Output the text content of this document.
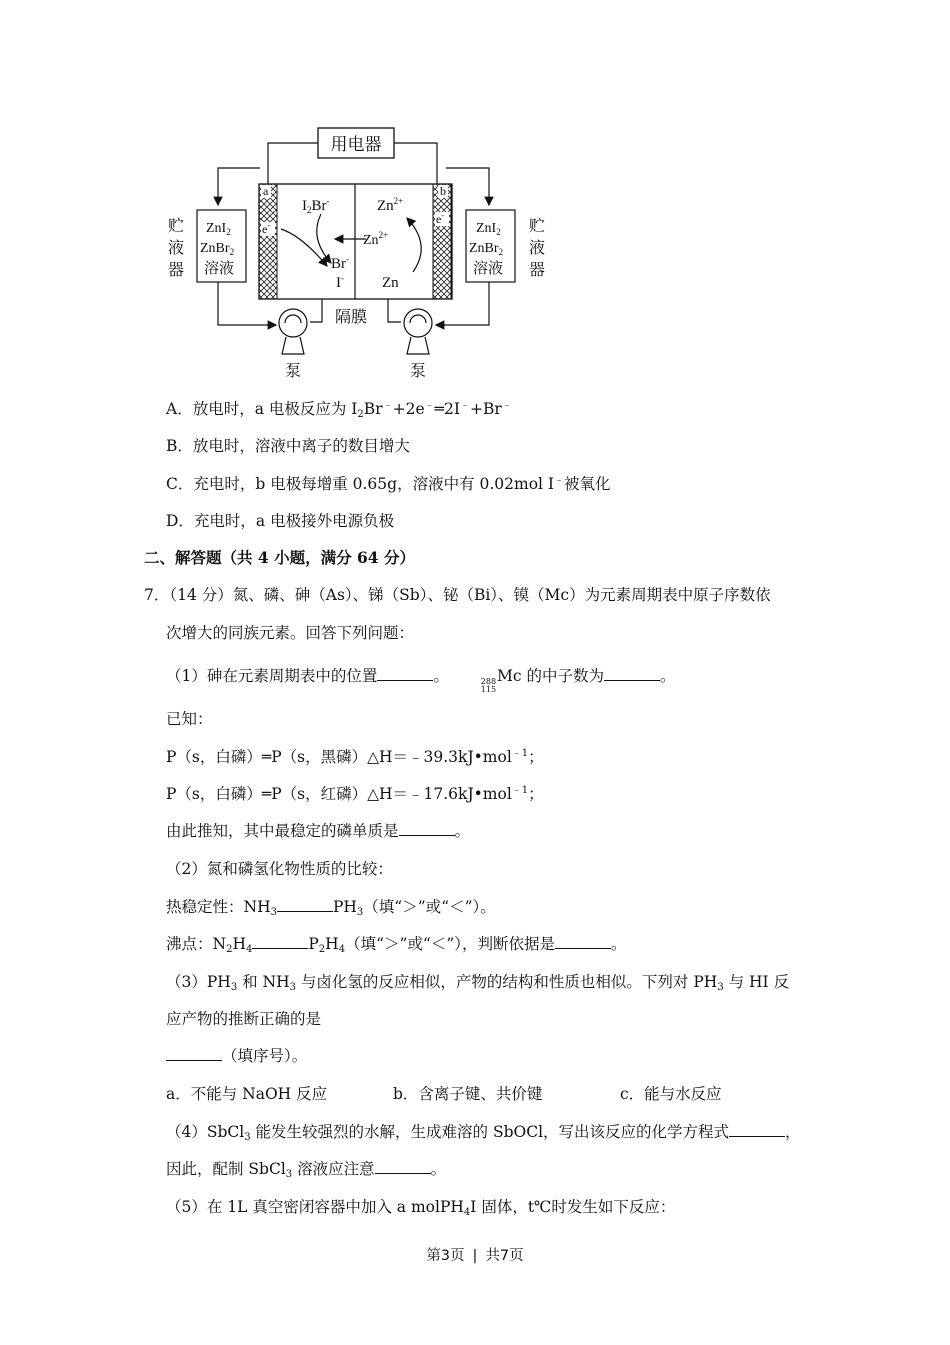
用电器
ZnI$_2$
ZnBr$_2$
溶液
ZnI$_2$
ZnBr$_2$
溶液
贮
液
器
贮
液
器
a	b
e-	e-
$I_2Br^-$
Br-
I-
$Zn^{2+}$
$Zn^{2+}$
Zn
隔膜
泵	泵
A．放电时，a 电极反应为 $I_2Br^﹣+2e^﹣═2I^﹣+Br^﹣$
B．放电时，溶液中离子的数目增大
C．充电时，b 电极每增重 0.65g，溶液中有 0.02mol I﹣被氧化
D．充电时，a 电极接外电源负极
二、解答题（共 4 小题，满分 64 分）
7．（14 分）氮、磷、砷（As）、锑（Sb）、铋（Bi）、镆（Mc）为元素周期表中原子序数依
次增大的同族元素。回答下列问题：
（1）砷在元素周期表中的位置	。	288
115
Mc 的中子数为	。
已知：
P（s，白磷）═P（s，黑磷）△H＝﹣39.3kJ•mol$^{﹣1}$；
P（s，白磷）═P（s，红磷）△H＝﹣17.6kJ•mol$^{﹣1}$；
由此推知，其中最稳定的磷单质是	。
（2）氮和磷氢化物性质的比较：
热稳定性：$NH_3$	$PH_3$（填“＞”或“＜”）。
沸点：$N_2H_4$	$P_2H_4$（填“＞”或“＜”），判断依据是	。
$(3)PH_3$ 和 $NH_3$ 与卤化氢的反应相似，产物的结构和性质也相似。下列对 $PH_3$ 与 HI 反
应产物的推断正确的是
（填序号）。
a．不能与 NaOH 反应	b．含离子键、共价键	c．能与水反应
（4）SbCl$_3$ 能发生较强烈的水解，生成难溶的 SbOCl，写出该反应的化学方程式	，
因此，配制 SbCl$_3$ 溶液应注意	。
（5）在 1L 真空密闭容器中加入 a molPH$_4$I 固体，t℃时发生如下反应：
第3页 | 共7页
